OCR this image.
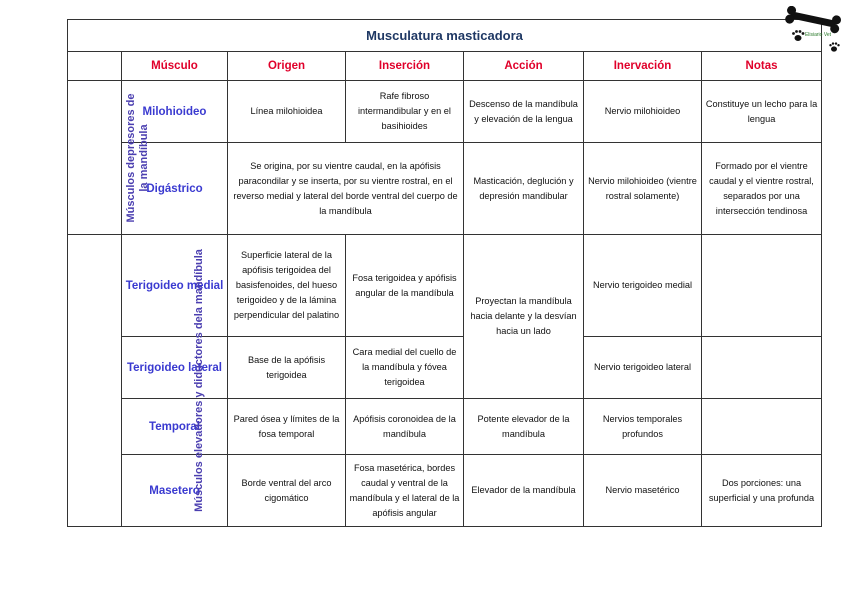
Musculatura masticadora						
	Músculo	Origen	Inserción	Acción	Inervación	Notas
Músculos depresores de la mandíbula	Milohioideo	Línea milohioidea	Rafe fibroso intermandibular y en el basihioides	Descenso de la mandíbula y elevación de la lengua	Nervio milohioideo	Constituye un lecho para la lengua
	Digástrico	Se origina, por su vientre caudal, en la apófisis paracondilar y se inserta, por su vientre rostral, en el reverso medial y lateral del borde ventral del cuerpo de la mandíbula		Masticación, deglución y depresión mandibular	Nervio milohioideo (vientre rostral solamente)	Formado por el vientre caudal y el vientre rostral, separados por una intersección tendinosa
Músculos elevadores y diductores dela mandíbula	Terigoideo medial	Superficie lateral de la apófisis terigoidea del basisfenoides, del hueso terigoideo y de la lámina perpendicular del palatino	Fosa terigoidea y apófisis angular de la mandíbula	Proyectan la mandíbula hacia delante y la desvían hacia un lado	Nervio terigoideo medial	
	Terigoideo lateral	Base de la apófisis terigoidea	Cara medial del cuello de la mandíbula y fóvea terigoidea		Nervio terigoideo lateral	
	Temporal	Pared ósea y límites de la fosa temporal	Apófisis coronoidea de la mandíbula	Potente elevador de la mandíbula	Nervios temporales profundos	
	Masetero	Borde ventral del arco cigomático	Fosa masetérica, bordes caudal y ventral de la mandíbula y el lateral de la apófisis angular	Elevador de la mandíbula	Nervio masetérico	Dos porciones: una superficial y una profunda
Elisiario Vet
